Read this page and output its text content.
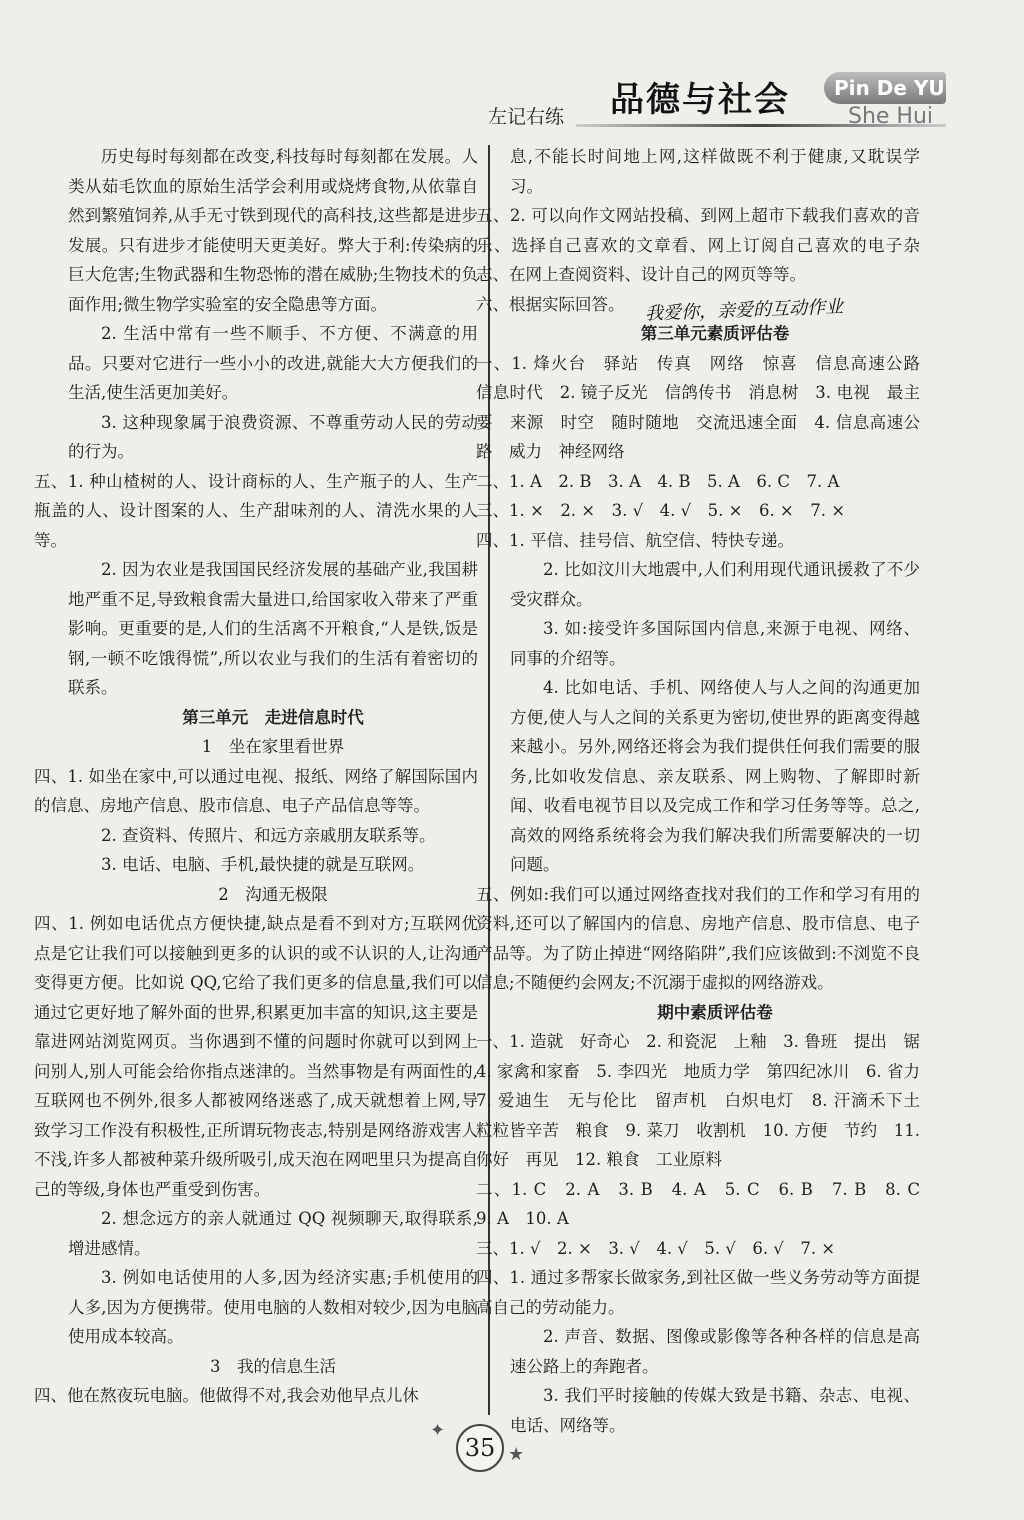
左记右练 品德与社会	Pin De YU
She Hui

历史每时每刻都在改变,科技每时每刻都在发展。人类从茹毛饮血的原始生活学会利用或烧烤食物,从依靠自然到繁殖饲养,从手无寸铁到现代的高科技,这些都是进步发展。只有进步才能使明天更美好。弊大于利:传染病的巨大危害;生物武器和生物恐怖的潜在威胁;生物技术的负面作用;微生物学实验室的安全隐患等方面。

2. 生活中常有一些不顺手、不方便、不满意的用品。只要对它进行一些小小的改进,就能大大方便我们的生活,使生活更加美好。

3. 这种现象属于浪费资源、不尊重劳动人民的劳动的行为。

五、1. 种山楂树的人、设计商标的人、生产瓶子的人、生产瓶盖的人、设计图案的人、生产甜味剂的人、清洗水果的人等。

2. 因为农业是我国国民经济发展的基础产业,我国耕地严重不足,导致粮食需大量进口,给国家收入带来了严重影响。更重要的是,人们的生活离不开粮食,“人是铁,饭是钢,一顿不吃饿得慌”,所以农业与我们的生活有着密切的联系。

第三单元　走进信息时代

1　坐在家里看世界

四、1. 如坐在家中,可以通过电视、报纸、网络了解国际国内的信息、房地产信息、股市信息、电子产品信息等等。

2. 查资料、传照片、和远方亲戚朋友联系等。

3. 电话、电脑、手机,最快捷的就是互联网。

2　沟通无极限

四、1. 例如电话优点方便快捷,缺点是看不到对方;互联网优点是它让我们可以接触到更多的认识的或不认识的人,让沟通变得更方便。比如说 QQ,它给了我们更多的信息量,我们可以通过它更好地了解外面的世界,积累更加丰富的知识,这主要是靠进网站浏览网页。当你遇到不懂的问题时你就可以到网上问别人,别人可能会给你指点迷津的。当然事物是有两面性的,互联网也不例外,很多人都被网络迷惑了,成天就想着上网,导致学习工作没有积极性,正所谓玩物丧志,特别是网络游戏害人不浅,许多人都被种菜升级所吸引,成天泡在网吧里只为提高自己的等级,身体也严重受到伤害。

2. 想念远方的亲人就通过 QQ 视频聊天,取得联系,增进感情。

3. 例如电话使用的人多,因为经济实惠;手机使用的人多,因为方便携带。使用电脑的人数相对较少,因为电脑使用成本较高。

3　我的信息生活

四、他在熬夜玩电脑。他做得不对,我会劝他早点儿休

息,不能长时间地上网,这样做既不利于健康,又耽误学习。

五、2. 可以向作文网站投稿、到网上超市下载我们喜欢的音乐、选择自己喜欢的文章看、网上订阅自己喜欢的电子杂志、在网上查阅资料、设计自己的网页等等。

六、根据实际回答。

第三单元素质评估卷

一、1. 烽火台　驿站　传真　网络　惊喜　信息高速公路　信息时代　2. 镜子反光　信鸽传书　消息树　3. 电视　最主要　来源　时空　随时随地　交流迅速全面　4. 信息高速公路　威力　神经网络

二、1. A　2. B　3. A　4. B　5. A　6. C　7. A

三、1. ×　2. ×　3. √　4. √　5. ×　6. ×　7. ×

四、1. 平信、挂号信、航空信、特快专递。

2. 比如汶川大地震中,人们利用现代通讯援救了不少受灾群众。

3. 如:接受许多国际国内信息,来源于电视、网络、同事的介绍等。

4. 比如电话、手机、网络使人与人之间的沟通更加方便,使人与人之间的关系更为密切,使世界的距离变得越来越小。另外,网络还将会为我们提供任何我们需要的服务,比如收发信息、亲友联系、网上购物、了解即时新闻、收看电视节目以及完成工作和学习任务等等。总之,高效的网络系统将会为我们解决我们所需要解决的一切问题。

五、例如:我们可以通过网络查找对我们的工作和学习有用的资料,还可以了解国内的信息、房地产信息、股市信息、电子产品等。为了防止掉进“网络陷阱”,我们应该做到:不浏览不良信息;不随便约会网友;不沉溺于虚拟的网络游戏。

期中素质评估卷

一、1. 造就　好奇心　2. 和瓷泥　上釉　3. 鲁班　提出　锯　4. 家禽和家畜　5. 李四光　地质力学　第四纪冰川　6. 省力　7. 爱迪生　无与伦比　留声机　白炽电灯　8. 汗滴禾下土　粒粒皆辛苦　粮食　9. 菜刀　收割机　10. 方便　节约　11. 你好　再见　12. 粮食　工业原料

二、1. C　2. A　3. B　4. A　5. C　6. B　7. B　8. C　9. A　10. A

三、1. √　2. ×　3. √　4. √　5. √　6. √　7. ×

四、1. 通过多帮家长做家务,到社区做一些义务劳动等方面提高自己的劳动能力。

2. 声音、数据、图像或影像等各种各样的信息是高速公路上的奔跑者。

3. 我们平时接触的传媒大致是书籍、杂志、电视、电话、网络等。

我爱你，亲爱的互动作业
✦
★
35
